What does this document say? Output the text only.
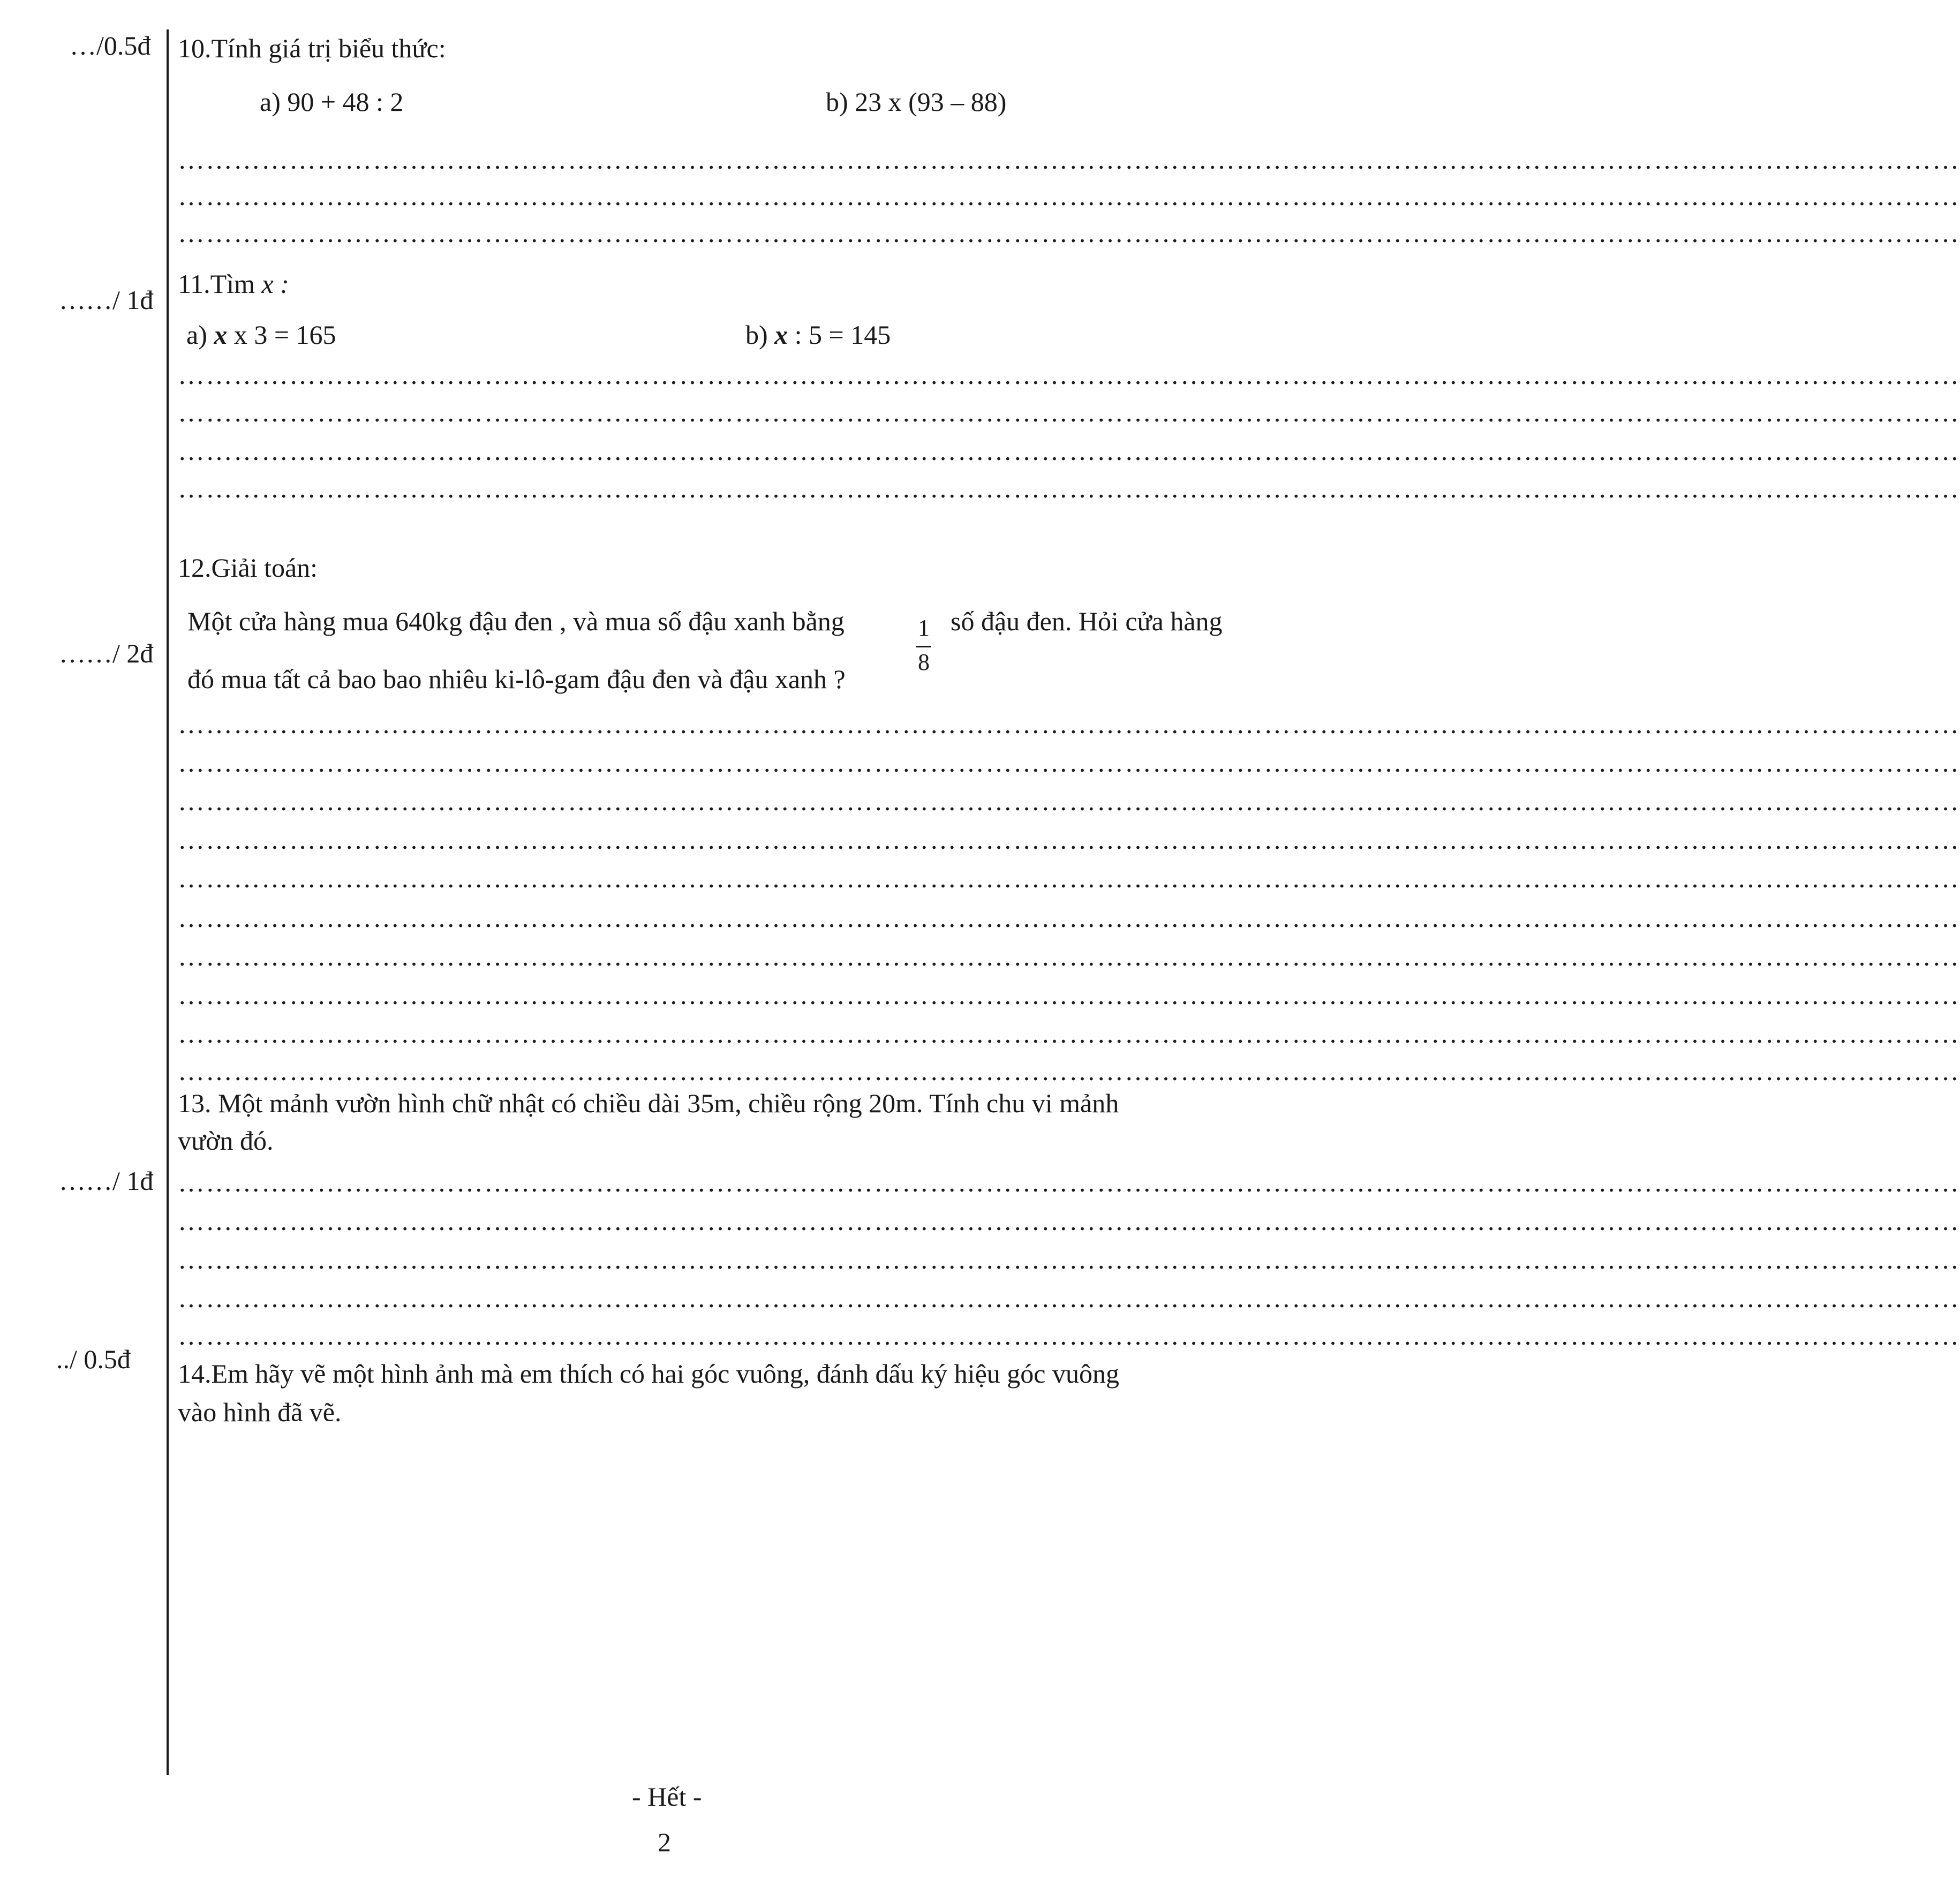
…/0.5đ
……/ 1đ
……/ 2đ
……/ 1đ
../ 0.5đ
10.Tính giá trị biểu thức:
a) 90 + 48 : 2	b) 23 x (93 – 88)
…………………………………………………………………………………………………………………………………………………………………………
…………………………………………………………………………………………………………………………………………………………………………
…………………………………………………………………………………………………………………………………………………………………………
11.Tìm x :
a) x x 3 = 165	b) x : 5 = 145
…………………………………………………………………………………………………………………………………………………………………………
…………………………………………………………………………………………………………………………………………………………………………
…………………………………………………………………………………………………………………………………………………………………………
…………………………………………………………………………………………………………………………………………………………………………
12.Giải toán:
Một cửa hàng mua 640kg đậu đen , và mua số đậu xanh bằng	1
8
số đậu đen. Hỏi cửa hàng
đó mua tất cả bao bao nhiêu ki-lô-gam đậu đen và đậu xanh ?
…………………………………………………………………………………………………………………………………………………………………………
…………………………………………………………………………………………………………………………………………………………………………
…………………………………………………………………………………………………………………………………………………………………………
…………………………………………………………………………………………………………………………………………………………………………
…………………………………………………………………………………………………………………………………………………………………………
…………………………………………………………………………………………………………………………………………………………………………
…………………………………………………………………………………………………………………………………………………………………………
…………………………………………………………………………………………………………………………………………………………………………
…………………………………………………………………………………………………………………………………………………………………………
…………………………………………………………………………………………………………………………………………………………………………
13. Một mảnh vườn hình chữ nhật có chiều dài 35m, chiều rộng 20m. Tính chu vi mảnh
vườn đó.
…………………………………………………………………………………………………………………………………………………………………………
…………………………………………………………………………………………………………………………………………………………………………
…………………………………………………………………………………………………………………………………………………………………………
…………………………………………………………………………………………………………………………………………………………………………
…………………………………………………………………………………………………………………………………………………………………………
14.Em hãy vẽ một hình ảnh mà em thích có hai góc vuông, đánh dấu ký hiệu góc vuông
vào hình đã vẽ.
- Hết -
2
